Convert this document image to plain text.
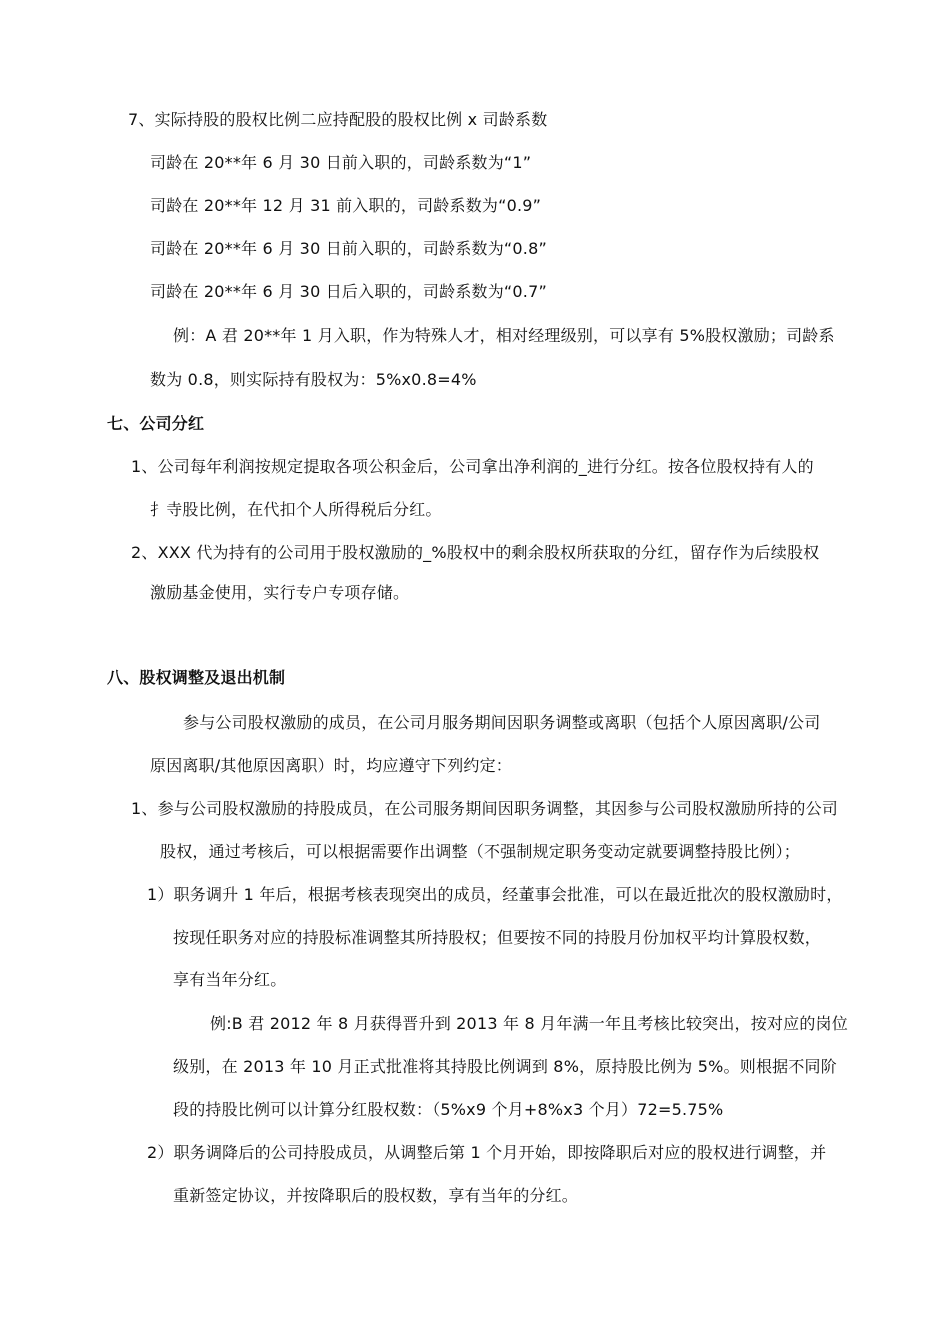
7、实际持股的股权比例二应持配股的股权比例 x 司龄系数
司龄在 20**年 6 月 30 日前入职的，司龄系数为“1”
司龄在 20**年 12 月 31 前入职的，司龄系数为“0.9”
司龄在 20**年 6 月 30 日前入职的，司龄系数为“0.8”
司龄在 20**年 6 月 30 日后入职的，司龄系数为“0.7”
例：A 君 20**年 1 月入职，作为特殊人才，相对经理级别，可以享有 5%股权激励；司龄系
数为 0.8，则实际持有股权为：5%x0.8=4%
七、公司分红
1、公司每年利润按规定提取各项公积金后，公司拿出净利润的_进行分红。按各位股权持有人的
扌寺股比例，在代扣个人所得税后分红。
2、XXX 代为持有的公司用于股权激励的_%股权中的剩余股权所获取的分红，留存作为后续股权
激励基金使用，实行专户专项存储。
八、股权调整及退出机制
参与公司股权激励的成员，在公司月服务期间因职务调整或离职（包括个人原因离职/公司
原因离职/其他原因离职）时，均应遵守下列约定：
1、参与公司股权激励的持股成员，在公司服务期间因职务调整，其因参与公司股权激励所持的公司
股权，通过考核后，可以根据需要作出调整（不强制规定职务变动定就要调整持股比例）；
1）职务调升 1 年后，根据考核表现突出的成员，经董事会批准，可以在最近批次的股权激励时，
按现任职务对应的持股标准调整其所持股权；但要按不同的持股月份加权平均计算股权数，
享有当年分红。
例:B 君 2012 年 8 月获得晋升到 2013 年 8 月年满一年且考核比较突出，按对应的岗位
级别，在 2013 年 10 月正式批准将其持股比例调到 8%，原持股比例为 5%。则根据不同阶
段的持股比例可以计算分红股权数：（5%x9 个月+8%x3 个月）72=5.75%
2）职务调降后的公司持股成员，从调整后第 1 个月开始，即按降职后对应的股权进行调整，并
重新签定协议，并按降职后的股权数，享有当年的分红。
